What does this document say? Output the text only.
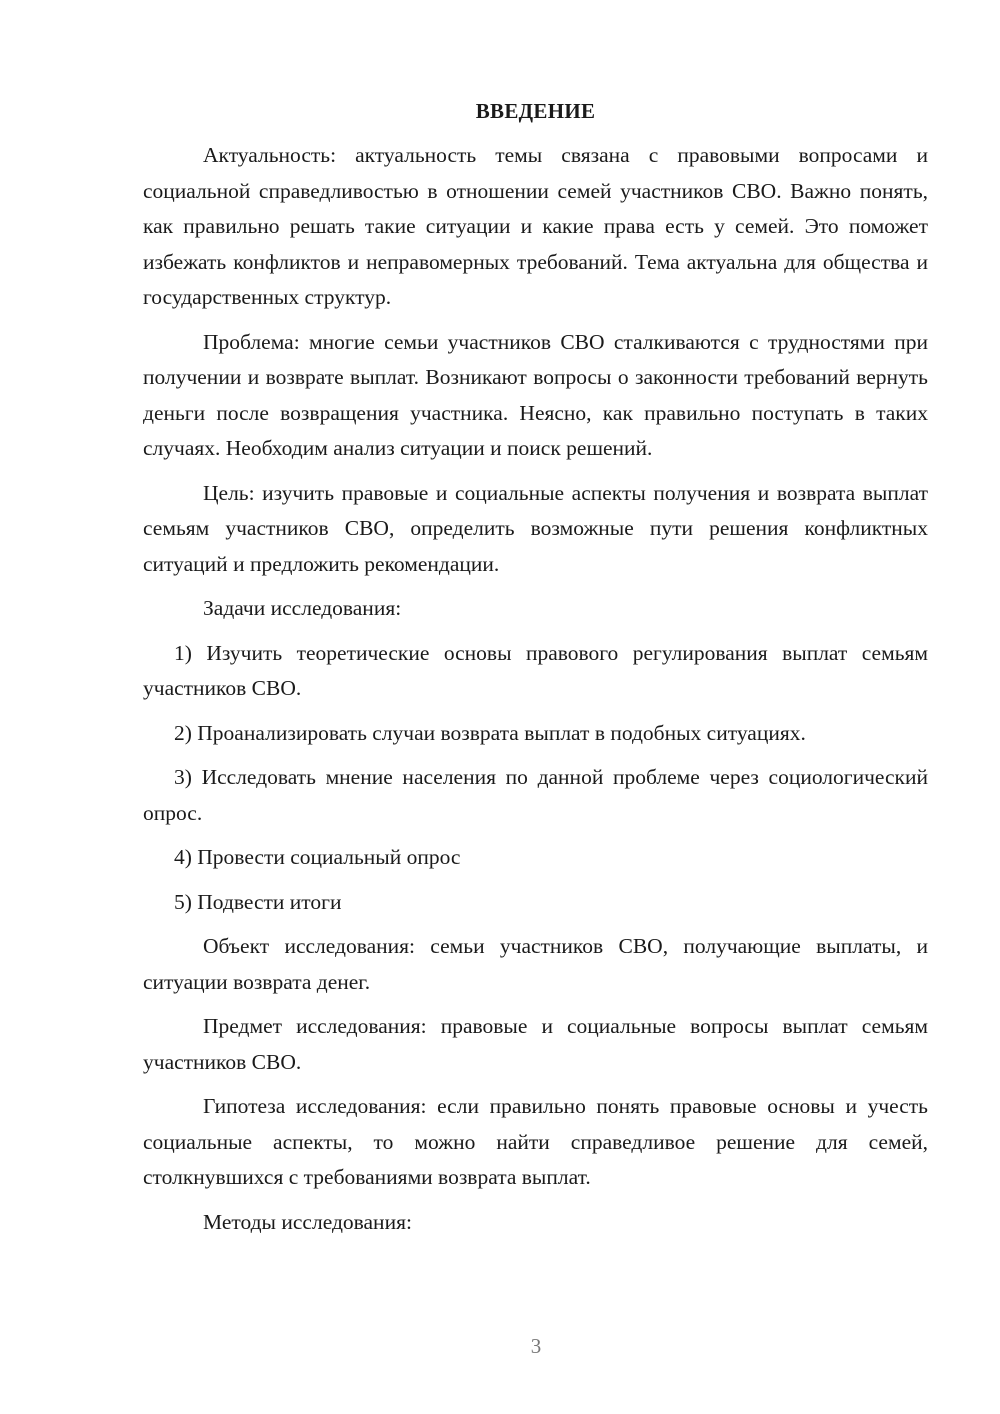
ВВЕДЕНИЕ

Актуальность: актуальность темы связана с правовыми вопросами и социальной справедливостью в отношении семей участников СВО. Важно понять, как правильно решать такие ситуации и какие права есть у семей. Это поможет избежать конфликтов и неправомерных требований. Тема актуальна для общества и государственных структур.

Проблема: многие семьи участников СВО сталкиваются с трудностями при получении и возврате выплат. Возникают вопросы о законности требований вернуть деньги после возвращения участника. Неясно, как правильно поступать в таких случаях. Необходим анализ ситуации и поиск решений.

Цель: изучить правовые и социальные аспекты получения и возврата выплат семьям участников СВО, определить возможные пути решения конфликтных ситуаций и предложить рекомендации.

Задачи исследования:

1) Изучить теоретические основы правового регулирования выплат семьям участников СВО.

2) Проанализировать случаи возврата выплат в подобных ситуациях.

3) Исследовать мнение населения по данной проблеме через социологический опрос.

4) Провести социальный опрос

5) Подвести итоги

Объект исследования: семьи участников СВО, получающие выплаты, и ситуации возврата денег.

Предмет исследования: правовые и социальные вопросы выплат семьям участников СВО.

Гипотеза исследования: если правильно понять правовые основы и учесть социальные аспекты, то можно найти справедливое решение для семей, столкнувшихся с требованиями возврата выплат.

Методы исследования:

3
